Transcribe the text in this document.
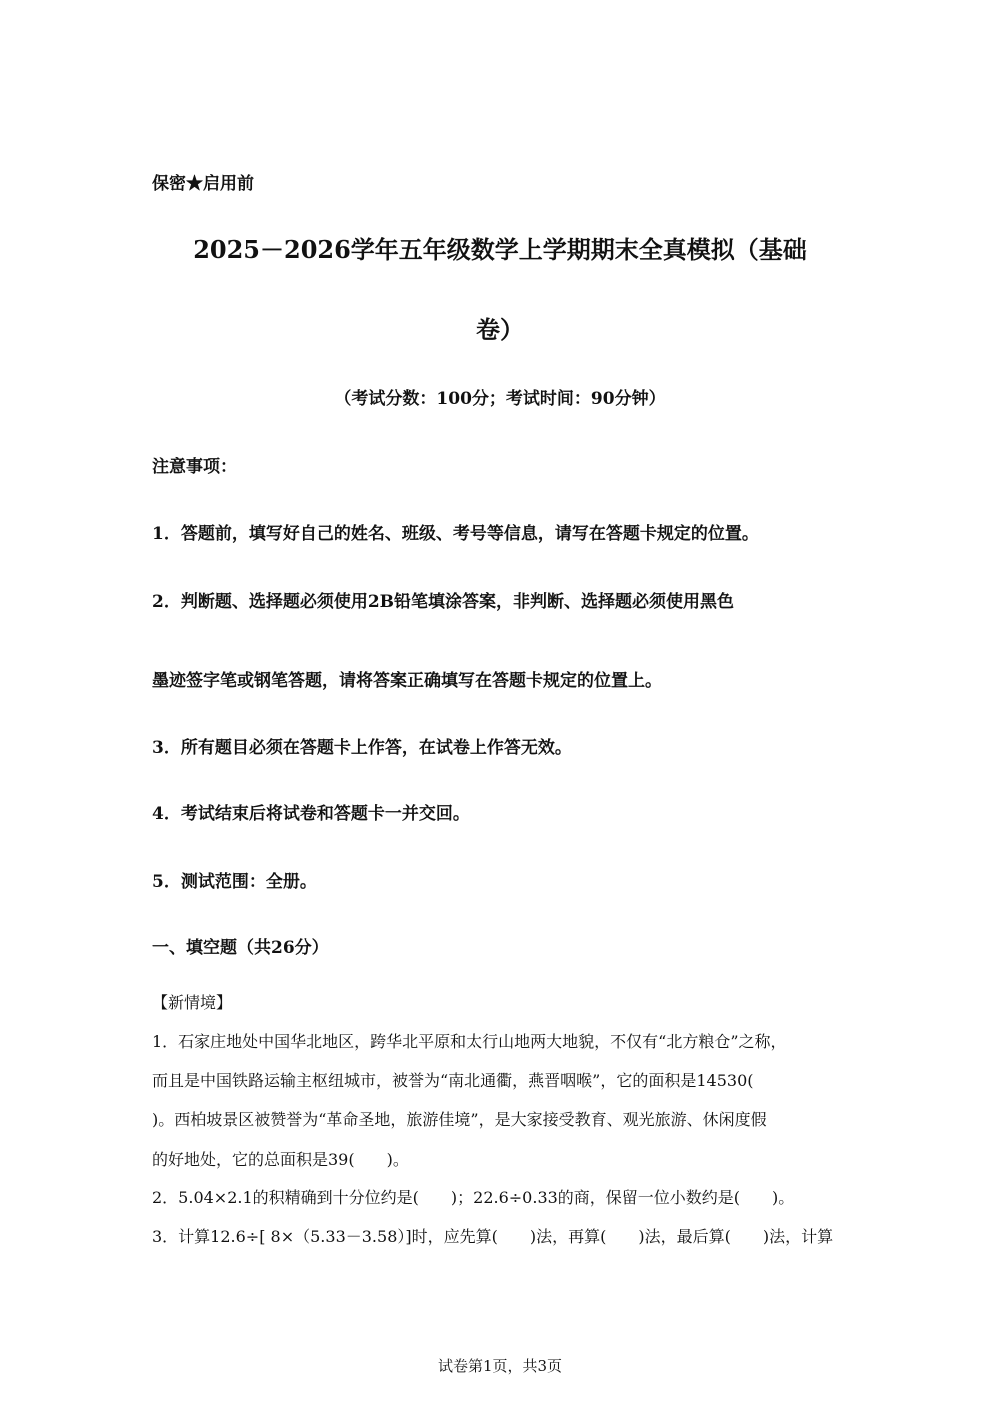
保密★启用前
2025－2026学年五年级数学上学期期末全真模拟（基础
卷）
（考试分数：100分；考试时间：90分钟）
注意事项：
1．答题前，填写好自己的姓名、班级、考号等信息，请写在答题卡规定的位置。
2．判断题、选择题必须使用2B铅笔填涂答案，非判断、选择题必须使用黑色
墨迹签字笔或钢笔答题，请将答案正确填写在答题卡规定的位置上。
3．所有题目必须在答题卡上作答，在试卷上作答无效。
4．考试结束后将试卷和答题卡一并交回。
5．测试范围：全册。
一、填空题（共26分）
【新情境】
1．石家庄地处中国华北地区，跨华北平原和太行山地两大地貌，不仅有“北方粮仓”之称，
而且是中国铁路运输主枢纽城市，被誉为“南北通衢，燕晋咽喉”，它的面积是14530(
)。西柏坡景区被赞誉为“革命圣地，旅游佳境”，是大家接受教育、观光旅游、休闲度假
的好地处，它的总面积是39(　　)。
2．5.04×2.1的积精确到十分位约是(　　)；22.6÷0.33的商，保留一位小数约是(　　)。
3．计算12.6÷[ 8×（5.33－3.58）]时，应先算(　　)法，再算(　　)法，最后算(　　)法，计算
试卷第1页，共3页
